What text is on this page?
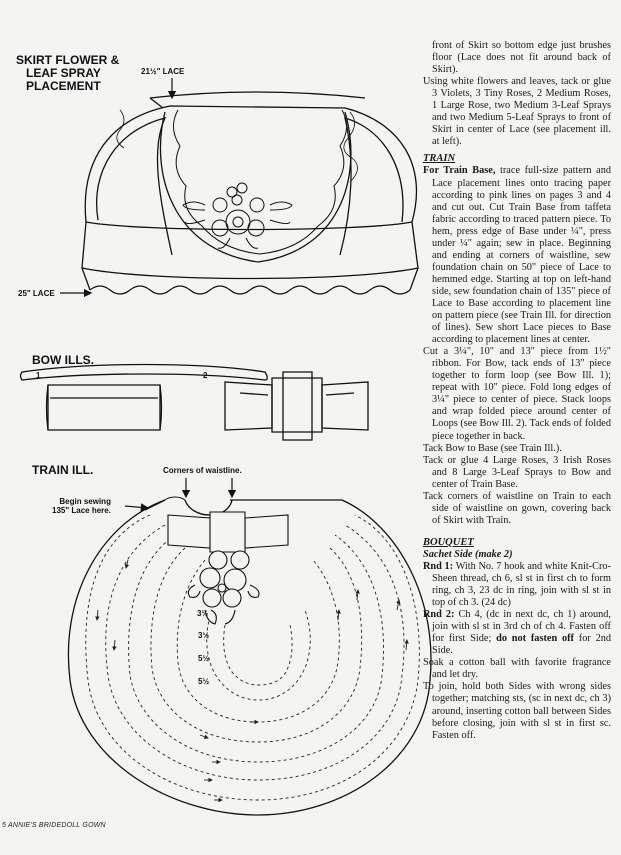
SKIRT FLOWER &
LEAF SPRAY
PLACEMENT
21½" LACE
25" LACE
BOW ILLS.
1	2
TRAIN ILL.	Corners of waistline.
Begin sewing
135" Lace here.
3½
3½
5½
5½

front of Skirt so bottom edge just brushes floor (Lace does not fit around back of Skirt).

Using white flowers and leaves, tack or glue 3 Violets, 3 Tiny Roses, 2 Medium Roses, 1 Large Rose, two Medium 3-Leaf Sprays and two Medium 5-Leaf Sprays to front of Skirt in center of Lace (see placement ill. at left).

TRAIN

For Train Base, trace full-size pattern and Lace placement lines onto tracing paper according to pink lines on pages 3 and 4 and cut out. Cut Train Base from taffeta fabric according to traced pattern piece. To hem, press edge of Base under ¼", press under ¼" again; sew in place. Beginning and ending at corners of waistline, sew foundation chain on 50" piece of Lace to hemmed edge. Starting at top on left-hand side, sew foundation chain of 135" piece of Lace to Base according to placement line on pattern piece (see Train Ill. for direction of lines). Sew short Lace pieces to Base according to placement lines at center.

Cut a 3¼", 10" and 13" piece from 1½" ribbon. For Bow, tack ends of 13" piece together to form loop (see Bow Ill. 1); repeat with 10" piece. Fold long edges of 3¼" piece to center of piece. Stack loops and wrap folded piece around center of Loops (see Bow Ill. 2). Tack ends of folded piece together in back.

Tack Bow to Base (see Train Ill.).

Tack or glue 4 Large Roses, 3 Irish Roses and 8 Large 3-Leaf Sprays to Bow and center of Train Base.

Tack corners of waistline on Train to each side of waistline on gown, covering back of Skirt with Train.

BOUQUET
Sachet Side (make 2)

Rnd 1: With No. 7 hook and white Knit-Cro-Sheen thread, ch 6, sl st in first ch to form ring, ch 3, 23 dc in ring, join with sl st in top of ch 3. (24 dc)

Rnd 2: Ch 4, (dc in next dc, ch 1) around, join with sl st in 3rd ch of ch 4. Fasten off for first Side; do not fasten off for 2nd Side.

Soak a cotton ball with favorite fragrance and let dry.

To join, hold both Sides with wrong sides together; matching sts, (sc in next dc, ch 3) around, inserting cotton ball between Sides before closing, join with sl st in first sc. Fasten off.

5 ANNIE'S BRIDEDOLL GOWN
